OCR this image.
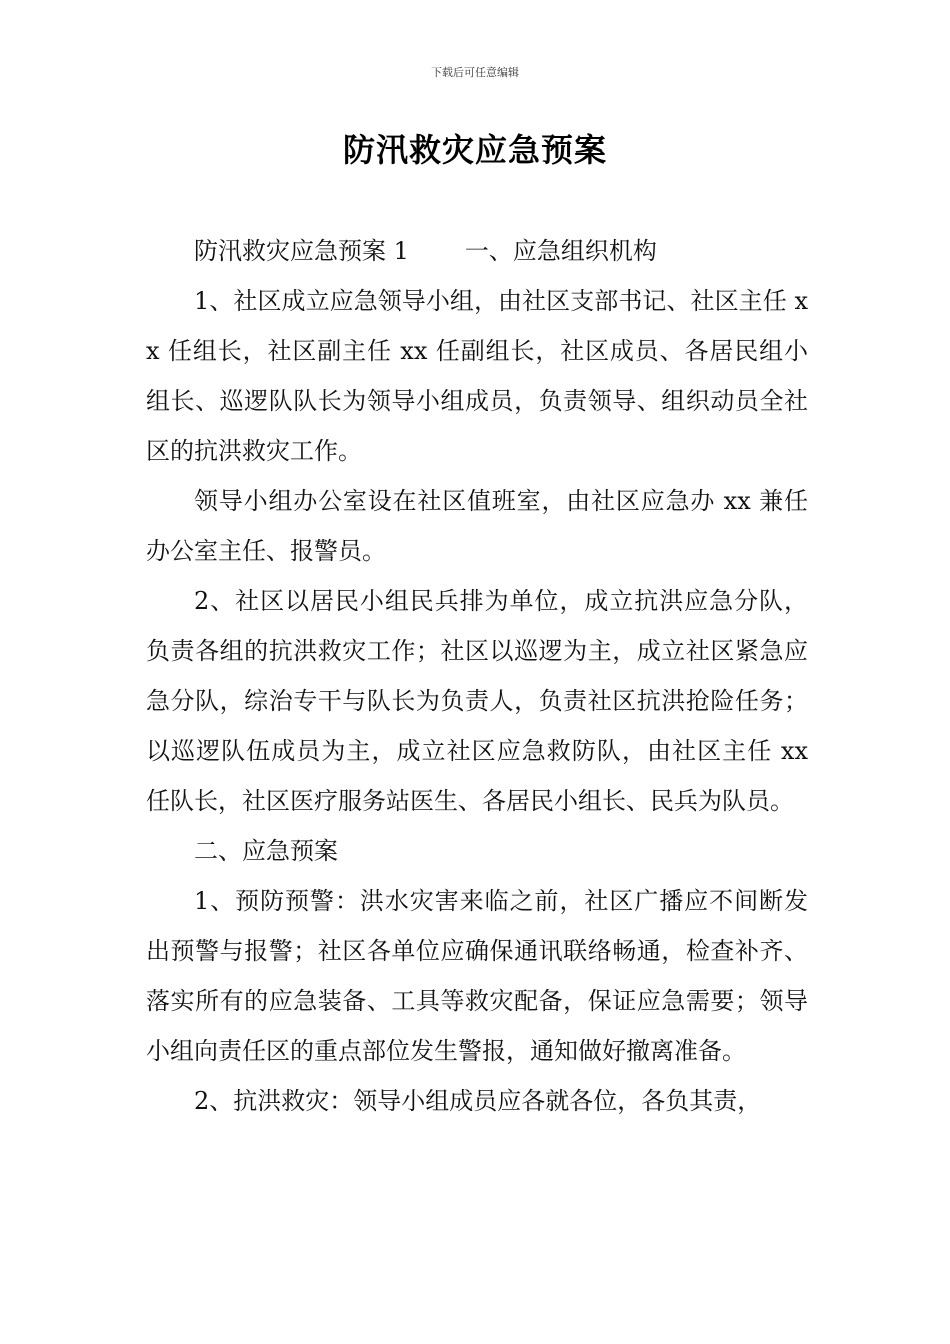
下载后可任意编辑
防汛救灾应急预案

防汛救灾应急预案 1 一、应急组织机构

1、社区成立应急领导小组，由社区支部书记、社区主任 xx 任组长，社区副主任 xx 任副组长，社区成员、各居民组小组长、巡逻队队长为领导小组成员，负责领导、组织动员全社区的抗洪救灾工作。

领导小组办公室设在社区值班室，由社区应急办 xx 兼任办公室主任、报警员。

2、社区以居民小组民兵排为单位，成立抗洪应急分队，负责各组的抗洪救灾工作；社区以巡逻为主，成立社区紧急应急分队，综治专干与队长为负责人，负责社区抗洪抢险任务；以巡逻队伍成员为主，成立社区应急救防队，由社区主任 xx 任队长，社区医疗服务站医生、各居民小组长、民兵为队员。

二、应急预案

1、预防预警：洪水灾害来临之前，社区广播应不间断发出预警与报警；社区各单位应确保通讯联络畅通，检查补齐、落实所有的应急装备、工具等救灾配备，保证应急需要；领导小组向责任区的重点部位发生警报，通知做好撤离准备。

2、抗洪救灾：领导小组成员应各就各位，各负其责，
